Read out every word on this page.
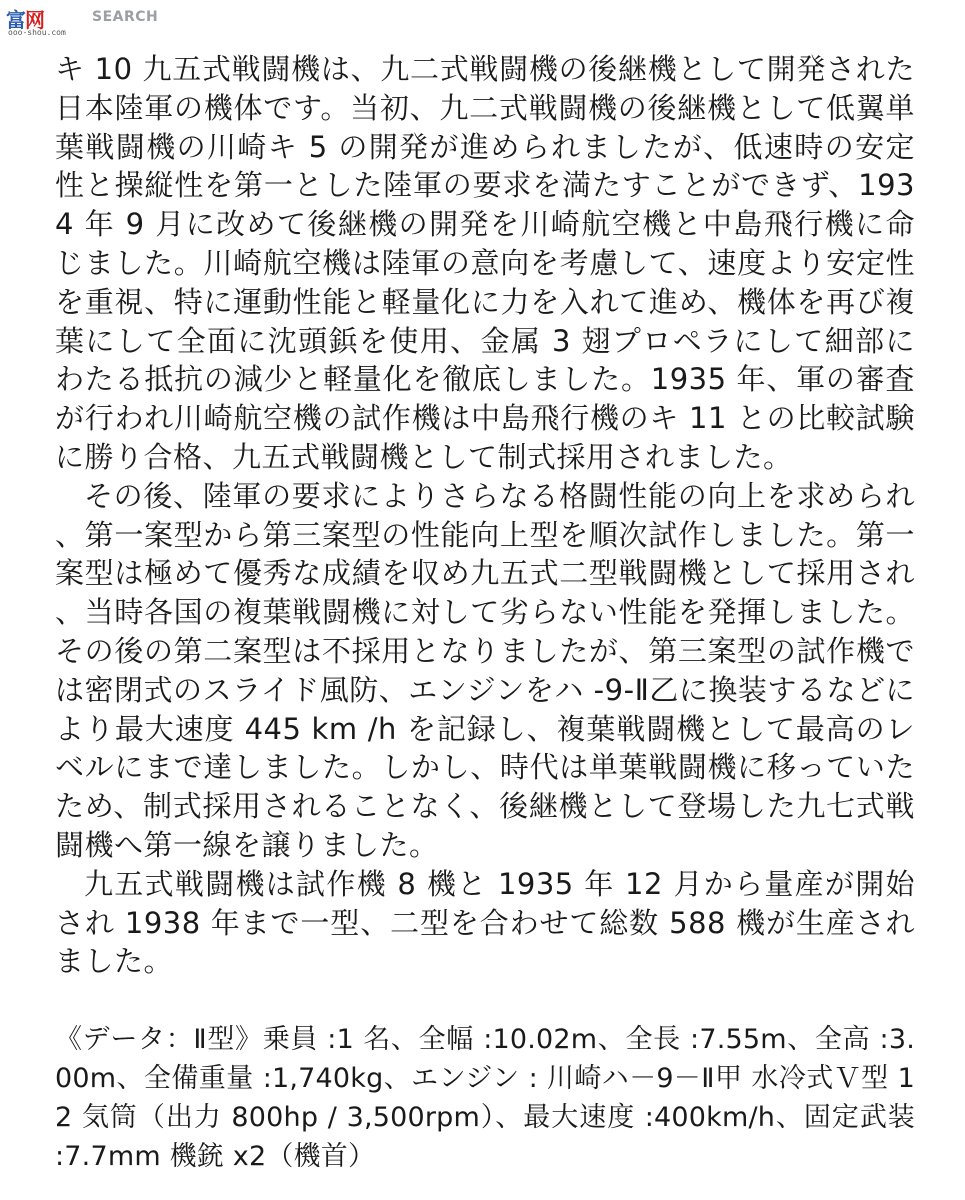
富网
ooo-shou.com
SEARCH

キ 10 九五式戦闘機は、九二式戦闘機の後継機として開発された日本陸軍の機体です。当初、九二式戦闘機の後継機として低翼単葉戦闘機の川崎キ 5 の開発が進められましたが、低速時の安定性と操縦性を第一とした陸軍の要求を満たすことができず、1934 年 9 月に改めて後継機の開発を川崎航空機と中島飛行機に命じました。川崎航空機は陸軍の意向を考慮して、速度より安定性を重視、特に運動性能と軽量化に力を入れて進め、機体を再び複葉にして全面に沈頭鋲を使用、金属 3 翅プロペラにして細部にわたる抵抗の減少と軽量化を徹底しました。1935 年、軍の審査が行われ川崎航空機の試作機は中島飛行機のキ 11 との比較試験に勝り合格、九五式戦闘機として制式採用されました。

その後、陸軍の要求によりさらなる格闘性能の向上を求められ、第一案型から第三案型の性能向上型を順次試作しました。第一案型は極めて優秀な成績を収め九五式二型戦闘機として採用され、当時各国の複葉戦闘機に対して劣らない性能を発揮しました。その後の第二案型は不採用となりましたが、第三案型の試作機では密閉式のスライド風防、エンジンをハ -9-Ⅱ乙に換装するなどにより最大速度 445 km /h を記録し、複葉戦闘機として最高のレベルにまで達しました。しかし、時代は単葉戦闘機に移っていたため、制式採用されることなく、後継機として登場した九七式戦闘機へ第一線を譲りました。

九五式戦闘機は試作機 8 機と 1935 年 12 月から量産が開始され 1938 年まで一型、二型を合わせて総数 588 機が生産されました。

《データ：Ⅱ型》乗員 :1 名、全幅 :10.02m、全長 :7.55m、全高 :3.00m、全備重量 :1,740kg、エンジン : 川崎ハ－9－Ⅱ甲 水冷式Ｖ型 12 気筒（出力 800hp / 3,500rpm）、最大速度 :400km/h、固定武装 :7.7mm 機銃 x2（機首）
